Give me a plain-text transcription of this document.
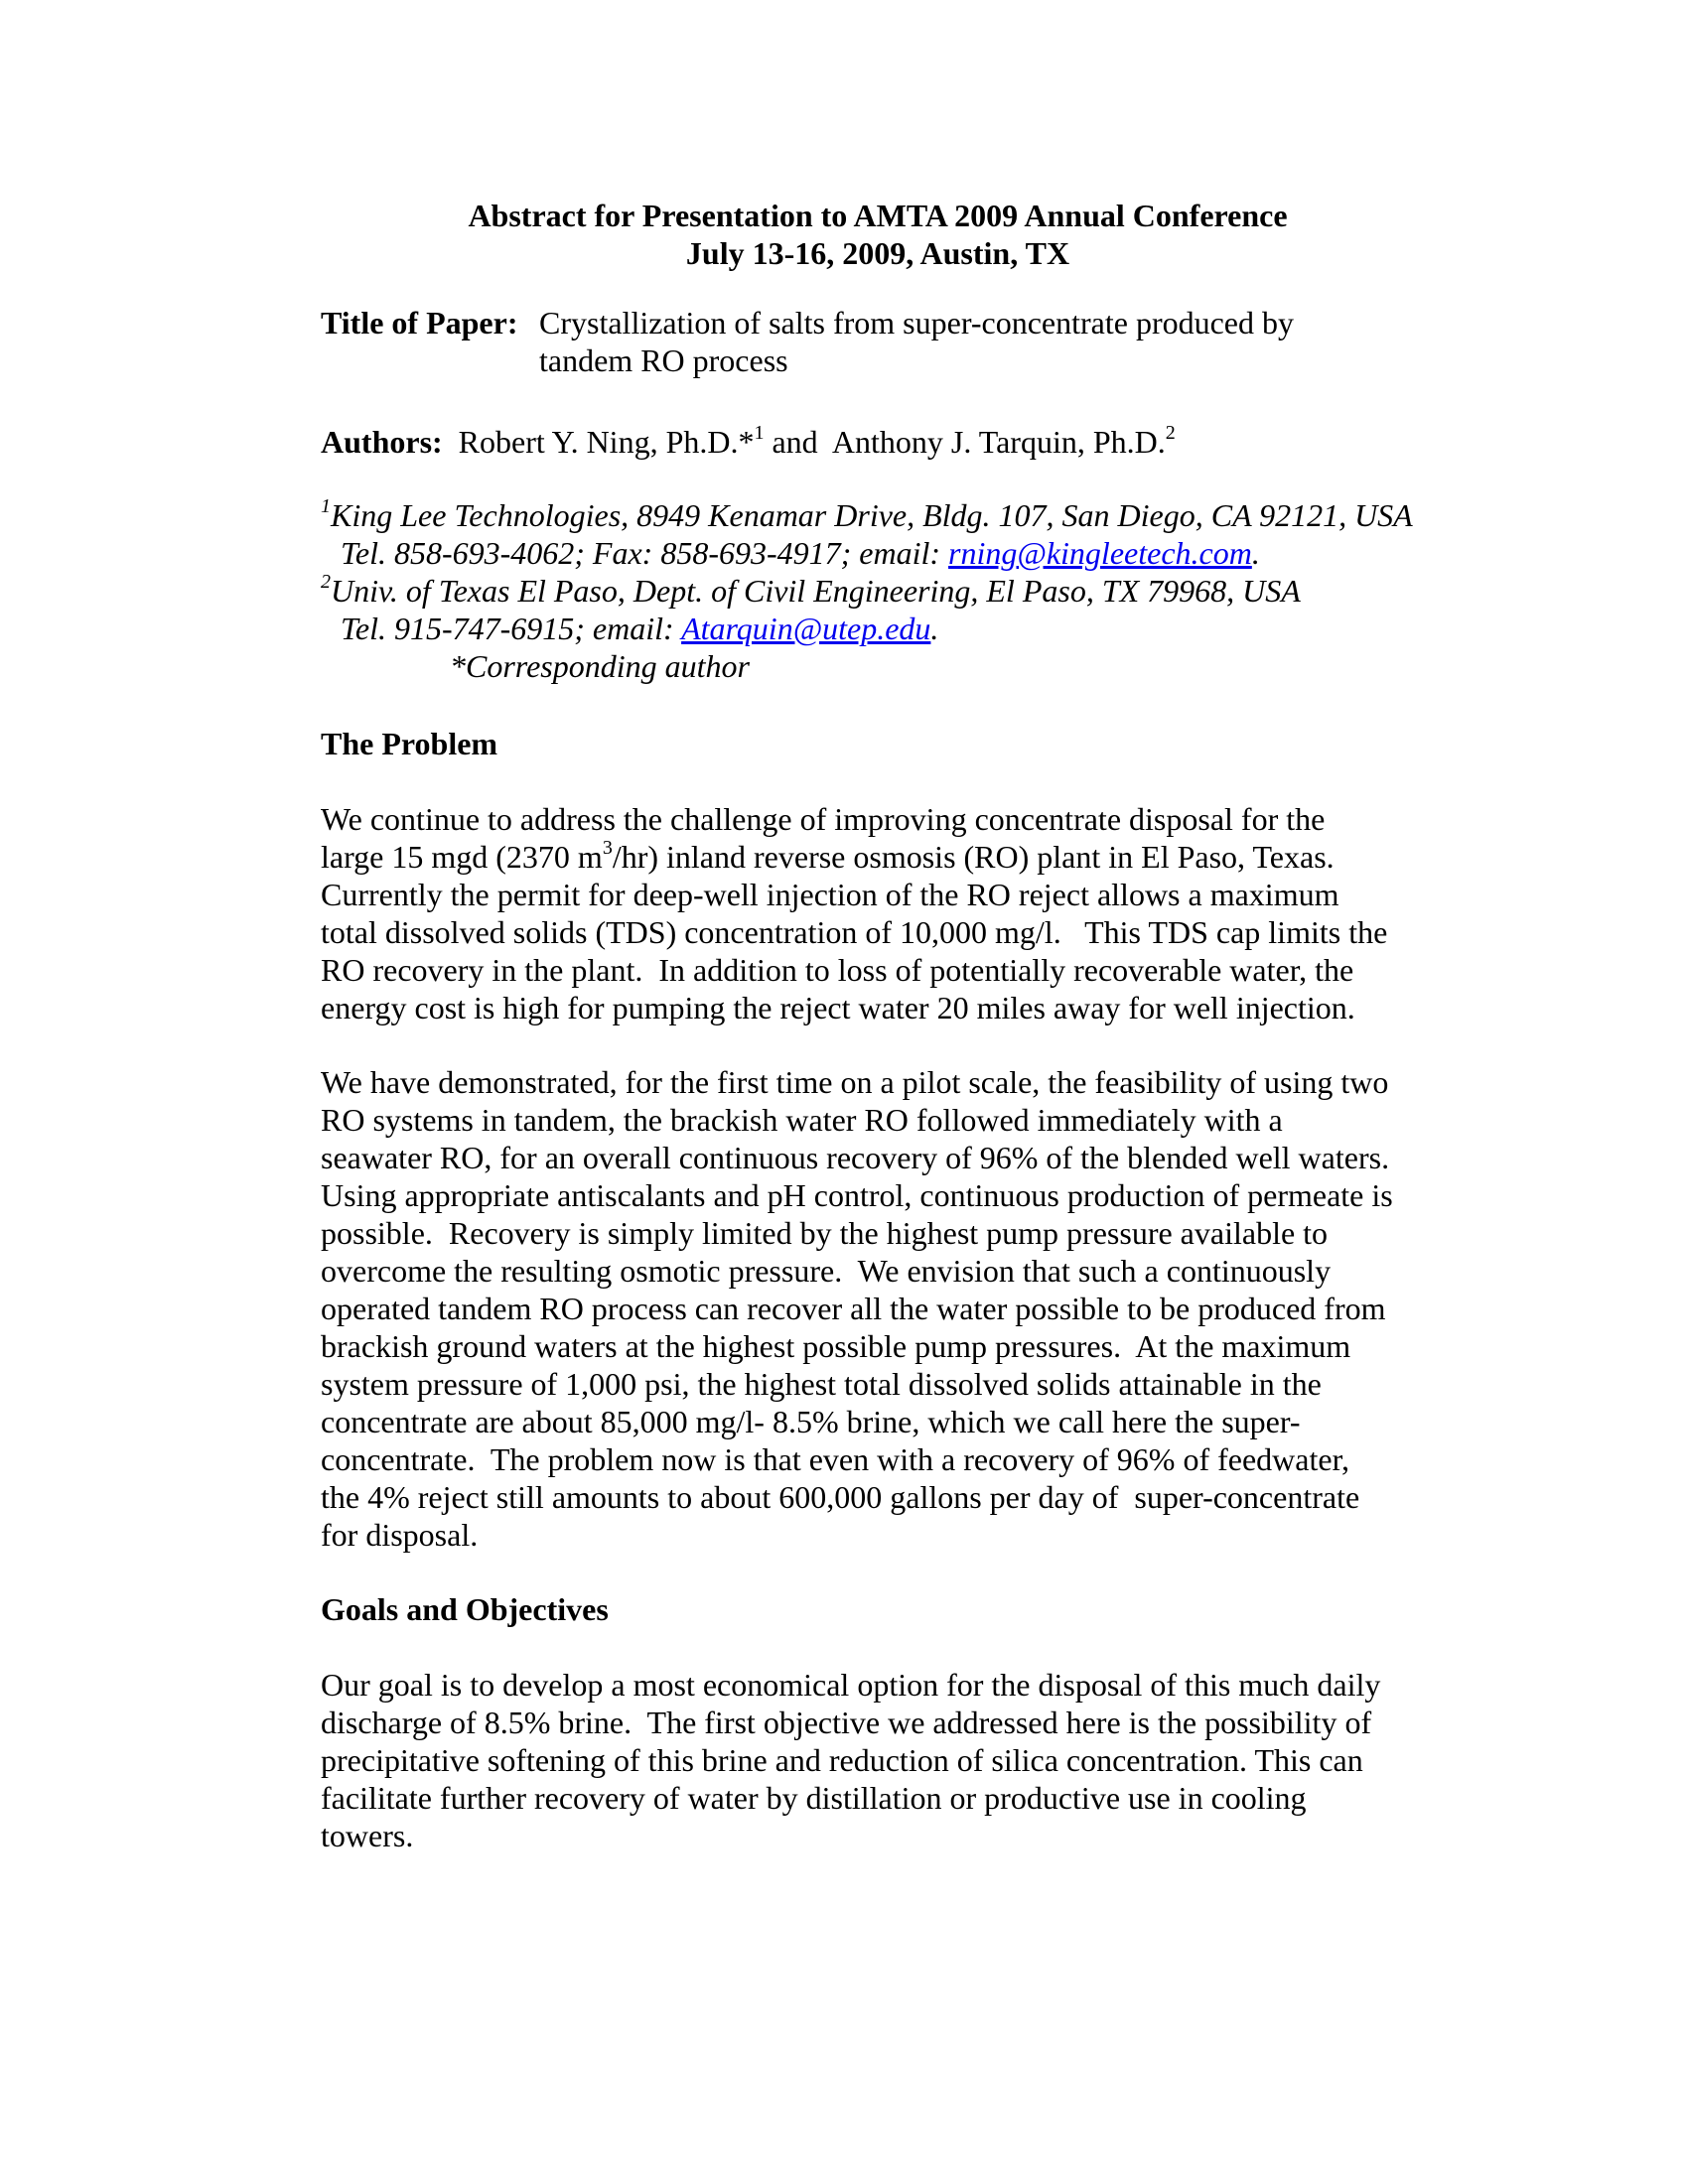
Abstract for Presentation to AMTA 2009 Annual Conference
July 13-16, 2009, Austin, TX
Title of Paper: Crystallization of salts from super-concentrate produced by
tandem RO process
Authors: Robert Y. Ning, Ph.D.*$^1$ and  Anthony J. Tarquin, Ph.D.$^2$
$^1$King Lee Technologies, 8949 Kenamar Drive, Bldg. 107, San Diego, CA 92121, USA
Tel. 858-693-4062; Fax: 858-693-4917; email: rning@kingleetech.com.
$^2$Univ. of Texas El Paso, Dept. of Civil Engineering, El Paso, TX 79968, USA
Tel. 915-747-6915; email: Atarquin@utep.edu.
*Corresponding author
The Problem
We continue to address the challenge of improving concentrate disposal for the
large 15 mgd (2370 $m^3/hr$) inland reverse osmosis (RO) plant in El Paso, Texas.
Currently the permit for deep-well injection of the RO reject allows a maximum
total dissolved solids (TDS) concentration of 10,000 mg/l.   This TDS cap limits the
RO recovery in the plant.  In addition to loss of potentially recoverable water, the
energy cost is high for pumping the reject water 20 miles away for well injection.
We have demonstrated, for the first time on a pilot scale, the feasibility of using two
RO systems in tandem, the brackish water RO followed immediately with a
seawater RO, for an overall continuous recovery of 96% of the blended well waters.
Using appropriate antiscalants and pH control, continuous production of permeate is
possible.  Recovery is simply limited by the highest pump pressure available to
overcome the resulting osmotic pressure.  We envision that such a continuously
operated tandem RO process can recover all the water possible to be produced from
brackish ground waters at the highest possible pump pressures.  At the maximum
system pressure of 1,000 psi, the highest total dissolved solids attainable in the
concentrate are about 85,000 mg/l- 8.5% brine, which we call here the super-
concentrate.  The problem now is that even with a recovery of 96% of feedwater,
the 4% reject still amounts to about 600,000 gallons per day of  super-concentrate
for disposal.
Goals and Objectives
Our goal is to develop a most economical option for the disposal of this much daily
discharge of 8.5% brine.  The first objective we addressed here is the possibility of
precipitative softening of this brine and reduction of silica concentration. This can
facilitate further recovery of water by distillation or productive use in cooling
towers.
